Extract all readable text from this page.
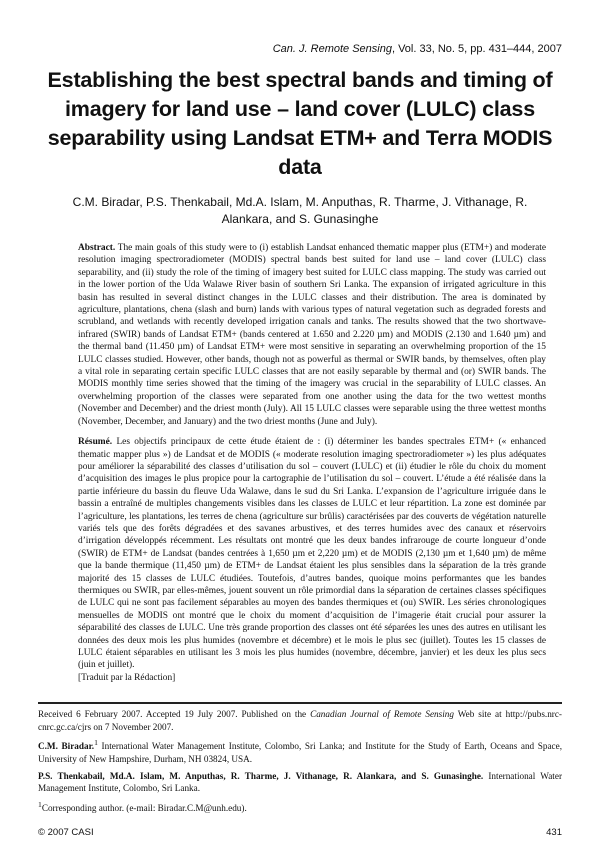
Can. J. Remote Sensing, Vol. 33, No. 5, pp. 431–444, 2007
Establishing the best spectral bands and timing of imagery for land use – land cover (LULC) class separability using Landsat ETM+ and Terra MODIS data
C.M. Biradar, P.S. Thenkabail, Md.A. Islam, M. Anputhas, R. Tharme, J. Vithanage, R. Alankara, and S. Gunasinghe
Abstract. The main goals of this study were to (i) establish Landsat enhanced thematic mapper plus (ETM+) and moderate resolution imaging spectroradiometer (MODIS) spectral bands best suited for land use – land cover (LULC) class separability, and (ii) study the role of the timing of imagery best suited for LULC class mapping. The study was carried out in the lower portion of the Uda Walawe River basin of southern Sri Lanka. The expansion of irrigated agriculture in this basin has resulted in several distinct changes in the LULC classes and their distribution. The area is dominated by agriculture, plantations, chena (slash and burn) lands with various types of natural vegetation such as degraded forests and scrubland, and wetlands with recently developed irrigation canals and tanks. The results showed that the two shortwave-infrared (SWIR) bands of Landsat ETM+ (bands centered at 1.650 and 2.220 µm) and MODIS (2.130 and 1.640 µm) and the thermal band (11.450 µm) of Landsat ETM+ were most sensitive in separating an overwhelming proportion of the 15 LULC classes studied. However, other bands, though not as powerful as thermal or SWIR bands, by themselves, often play a vital role in separating certain specific LULC classes that are not easily separable by thermal and (or) SWIR bands. The MODIS monthly time series showed that the timing of the imagery was crucial in the separability of LULC classes. An overwhelming proportion of the classes were separated from one another using the data for the two wettest months (November and December) and the driest month (July). All 15 LULC classes were separable using the three wettest months (November, December, and January) and the two driest months (June and July).
Résumé. Les objectifs principaux de cette étude étaient de : (i) déterminer les bandes spectrales ETM+ (« enhanced thematic mapper plus ») de Landsat et de MODIS (« moderate resolution imaging spectroradiometer ») les plus adéquates pour améliorer la séparabilité des classes d’utilisation du sol – couvert (LULC) et (ii) étudier le rôle du choix du moment d’acquisition des images le plus propice pour la cartographie de l’utilisation du sol – couvert. L’étude a été réalisée dans la partie inférieure du bassin du fleuve Uda Walawe, dans le sud du Sri Lanka. L’expansion de l’agriculture irriguée dans le bassin a entraîné de multiples changements visibles dans les classes de LULC et leur répartition. La zone est dominée par l’agriculture, les plantations, les terres de chena (agriculture sur brûlis) caractérisées par des couverts de végétation naturelle variés tels que des forêts dégradées et des savanes arbustives, et des terres humides avec des canaux et réservoirs d’irrigation développés récemment. Les résultats ont montré que les deux bandes infrarouge de courte longueur d’onde (SWIR) de ETM+ de Landsat (bandes centrées à 1,650 µm et 2,220 µm) et de MODIS (2,130 µm et 1,640 µm) de même que la bande thermique (11,450 µm) de ETM+ de Landsat étaient les plus sensibles dans la séparation de la très grande majorité des 15 classes de LULC étudiées. Toutefois, d’autres bandes, quoique moins performantes que les bandes thermiques ou SWIR, par elles-mêmes, jouent souvent un rôle primordial dans la séparation de certaines classes spécifiques de LULC qui ne sont pas facilement séparables au moyen des bandes thermiques et (ou) SWIR. Les séries chronologiques mensuelles de MODIS ont montré que le choix du moment d’acquisition de l’imagerie était crucial pour assurer la séparabilité des classes de LULC. Une très grande proportion des classes ont été séparées les unes des autres en utilisant les données des deux mois les plus humides (novembre et décembre) et le mois le plus sec (juillet). Toutes les 15 classes de LULC étaient séparables en utilisant les 3 mois les plus humides (novembre, décembre, janvier) et les deux les plus secs (juin et juillet).
[Traduit par la Rédaction]
Received 6 February 2007. Accepted 19 July 2007. Published on the Canadian Journal of Remote Sensing Web site at http://pubs.nrc-cnrc.gc.ca/cjrs on 7 November 2007.
C.M. Biradar.$^1$ International Water Management Institute, Colombo, Sri Lanka; and Institute for the Study of Earth, Oceans and Space, University of New Hampshire, Durham, NH 03824, USA.
P.S. Thenkabail, Md.A. Islam, M. Anputhas, R. Tharme, J. Vithanage, R. Alankara, and S. Gunasinghe. International Water Management Institute, Colombo, Sri Lanka.
$^1$Corresponding author. (e-mail: Biradar.C.M@unh.edu).
© 2007 CASI	431
